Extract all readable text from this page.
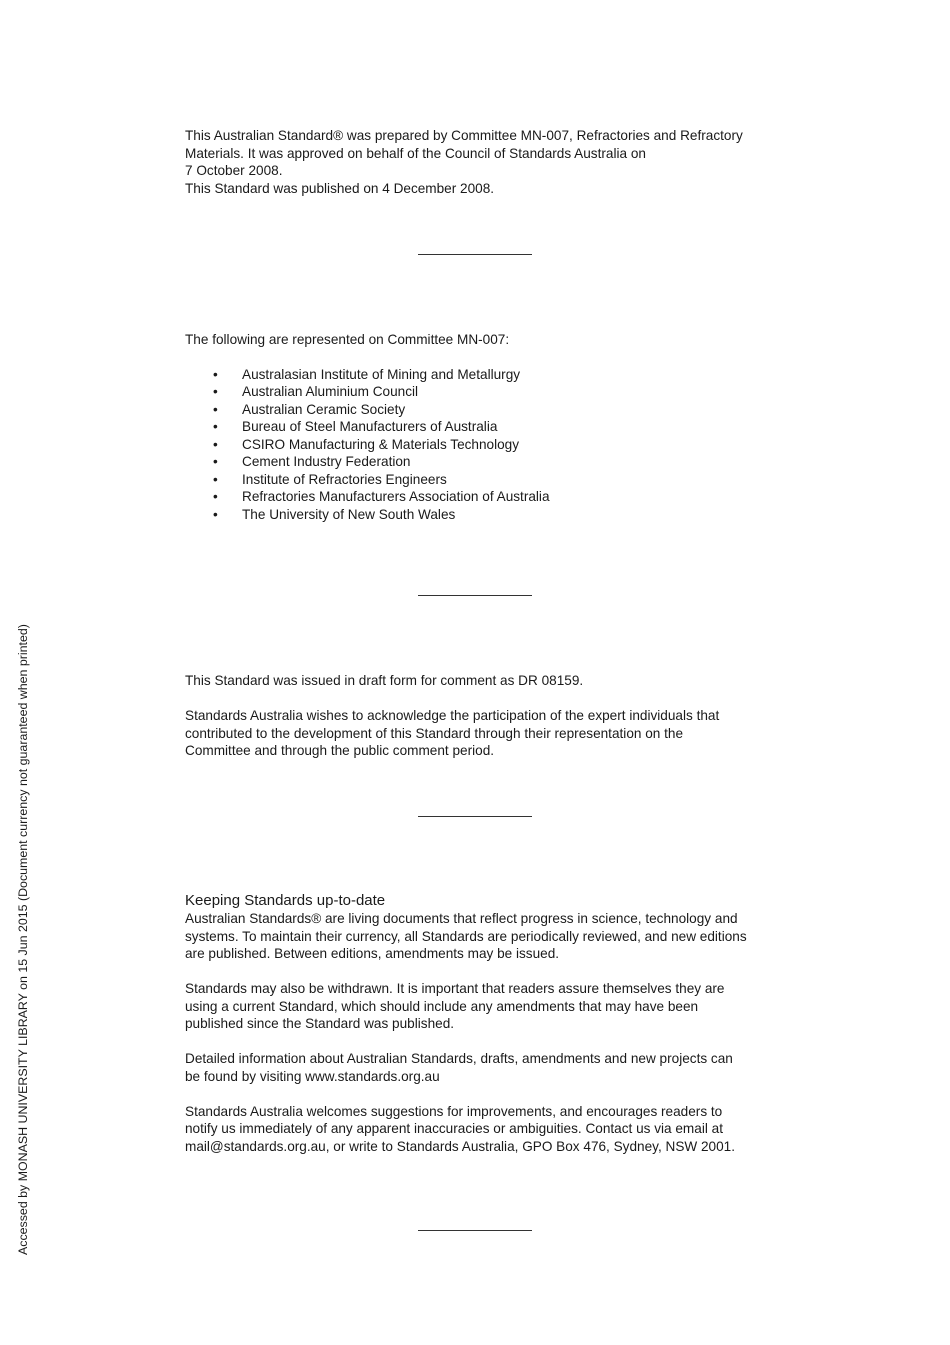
This Australian Standard® was prepared by Committee MN-007, Refractories and Refractory

Materials. It was approved on behalf of the Council of Standards Australia on

7 October 2008.

This Standard was published on 4 December 2008.

The following are represented on Committee MN-007:

• Australasian Institute of Mining and Metallurgy
• Australian Aluminium Council
• Australian Ceramic Society
• Bureau of Steel Manufacturers of Australia
• CSIRO Manufacturing & Materials Technology
• Cement Industry Federation
• Institute of Refractories Engineers
• Refractories Manufacturers Association of Australia
• The University of New South Wales

This Standard was issued in draft form for comment as DR 08159.

Standards Australia wishes to acknowledge the participation of the expert individuals that

contributed to the development of this Standard through their representation on the

Committee and through the public comment period.

Keeping Standards up-to-date

Australian Standards® are living documents that reflect progress in science, technology and

systems. To maintain their currency, all Standards are periodically reviewed, and new editions

are published. Between editions, amendments may be issued.

Standards may also be withdrawn. It is important that readers assure themselves they are

using a current Standard, which should include any amendments that may have been

published since the Standard was published.

Detailed information about Australian Standards, drafts, amendments and new projects can

be found by visiting www.standards.org.au

Standards Australia welcomes suggestions for improvements, and encourages readers to

notify us immediately of any apparent inaccuracies or ambiguities. Contact us via email at

mail@standards.org.au, or write to Standards Australia, GPO Box 476, Sydney, NSW 2001.

Accessed by MONASH UNIVERSITY LIBRARY on 15 Jun 2015 (Document currency not guaranteed when printed)
